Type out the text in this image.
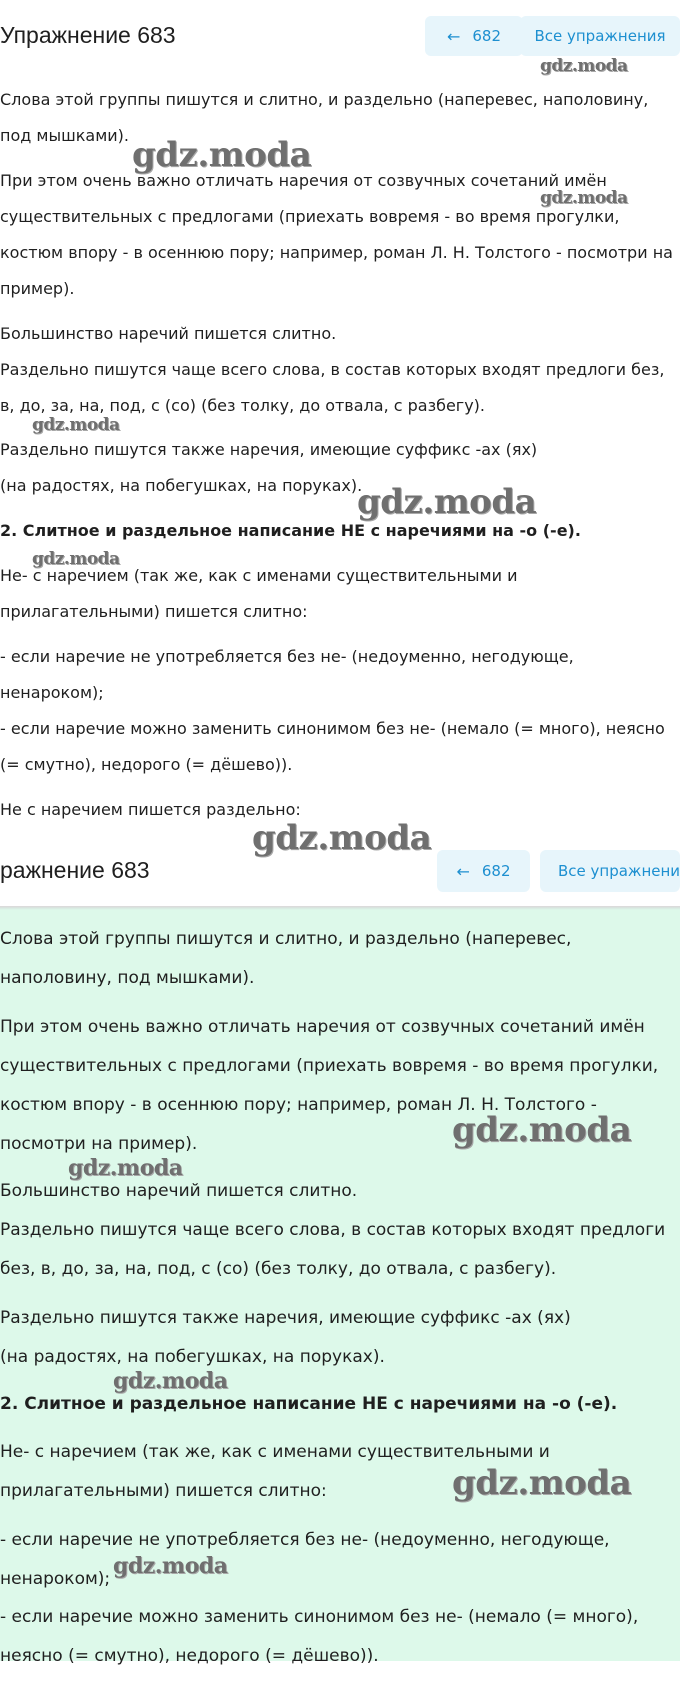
Упражнение 683	← 682 Все упражнения
Слова этой группы пишутся и слитно, и раздельно (наперевес, наполовину,
под мышками).
При этом очень важно отличать наречия от созвучных сочетаний имён
существительных с предлогами (приехать вовремя - во время прогулки,
костюм впору - в осеннюю пору; например, роман Л. Н. Толстого - посмотри на
пример).
Большинство наречий пишется слитно.
Раздельно пишутся чаще всего слова, в состав которых входят предлоги без,
в, до, за, на, под, с (со) (без толку, до отвала, с разбегу).
Раздельно пишутся также наречия, имеющие суффикс -ах (ях)
(на радостях, на побегушках, на поруках).
2. Слитное и раздельное написание НЕ с наречиями на -о (-е).
Не- с наречием (так же, как с именами существительными и
прилагательными) пишется слитно:
- если наречие не употребляется без не- (недоуменно, негодующе,
ненароком);
- если наречие можно заменить синонимом без не- (немало (= много), неясно
(= смутно), недорого (= дёшево)).
Не с наречием пишется раздельно:
ражнение 683	← 682	Все упражнени
Слова этой группы пишутся и слитно, и раздельно (наперевес,
наполовину, под мышками).
При этом очень важно отличать наречия от созвучных сочетаний имён
существительных с предлогами (приехать вовремя - во время прогулки,
костюм впору - в осеннюю пору; например, роман Л. Н. Толстого -
посмотри на пример).
Большинство наречий пишется слитно.
Раздельно пишутся чаще всего слова, в состав которых входят предлоги
без, в, до, за, на, под, с (со) (без толку, до отвала, с разбегу).
Раздельно пишутся также наречия, имеющие суффикс -ах (ях)
(на радостях, на побегушках, на поруках).
2. Слитное и раздельное написание НЕ с наречиями на -о (-е).
Не- с наречием (так же, как с именами существительными и
прилагательными) пишется слитно:
- если наречие не употребляется без не- (недоуменно, негодующе,
ненароком);
- если наречие можно заменить синонимом без не- (немало (= много),
неясно (= смутно), недорого (= дёшево)).
gdz.moda
gdz.moda
gdz.moda
gdz.moda
gdz.moda
gdz.moda
gdz.moda
gdz.moda
gdz.moda
gdz.moda
gdz.moda
gdz.moda
